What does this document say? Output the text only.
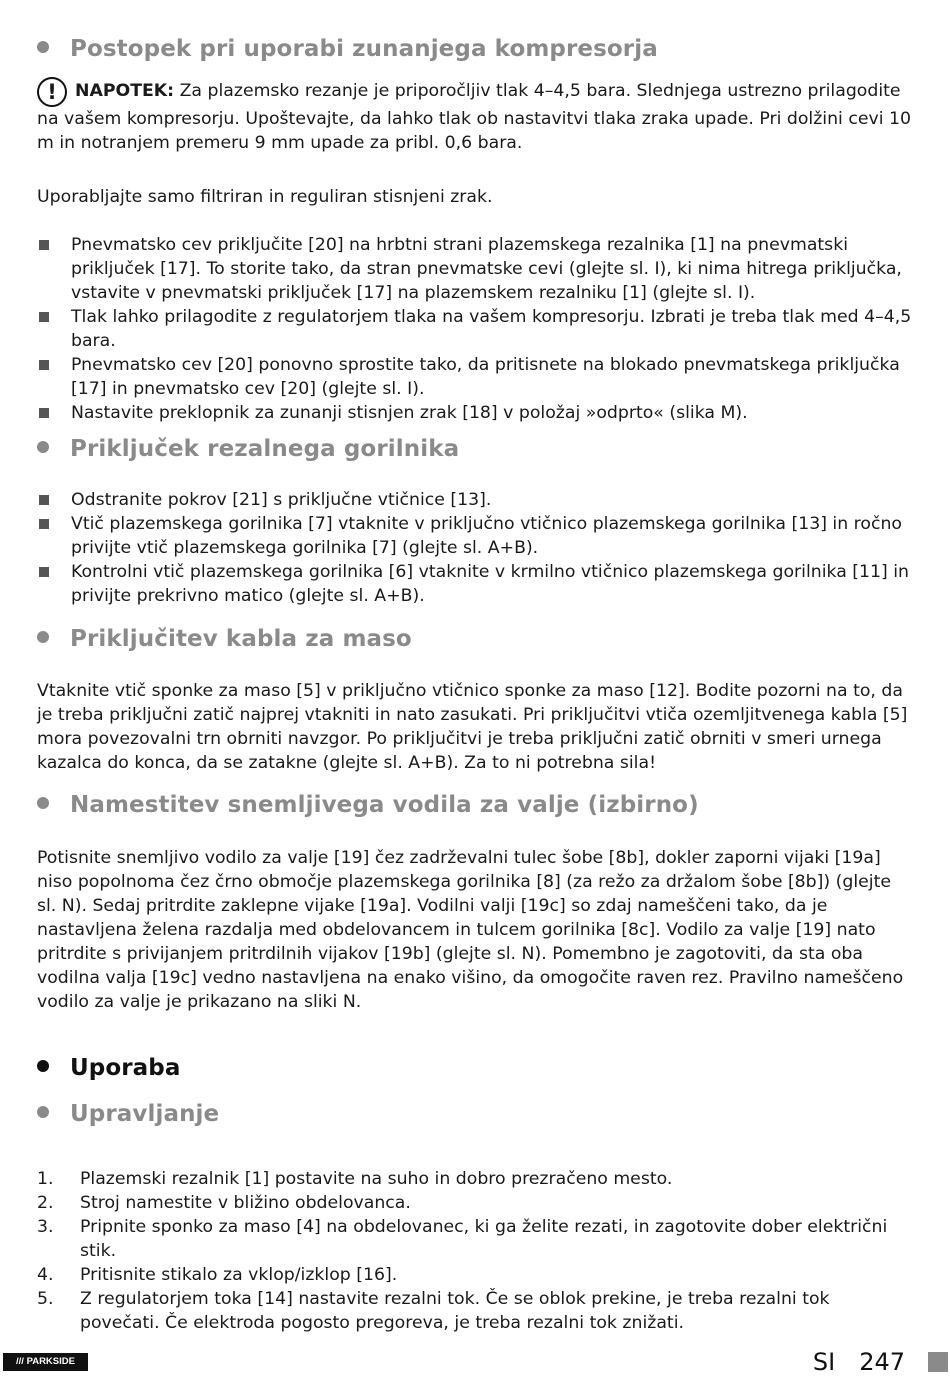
Postopek pri uporabi zunanjega kompresorja
! NAPOTEK: Za plazemsko rezanje je priporočljiv tlak 4–4,5 bara. Slednjega ustrezno prilagodite na vašem kompresorju. Upoštevajte, da lahko tlak ob nastavitvi tlaka zraka upade. Pri dolžini cevi 10 m in notranjem premeru 9 mm upade za pribl. 0,6 bara.
Uporabljajte samo filtriran in reguliran stisnjeni zrak.
Pnevmatsko cev priključite [20] na hrbtni strani plazemskega rezalnika [1] na pnevmatski priključek [17]. To storite tako, da stran pnevmatske cevi (glejte sl. I), ki nima hitrega priključka, vstavite v pnevmatski priključek [17] na plazemskem rezalniku [1] (glejte sl. I).
Tlak lahko prilagodite z regulatorjem tlaka na vašem kompresorju. Izbrati je treba tlak med 4–4,5 bara.
Pnevmatsko cev [20] ponovno sprostite tako, da pritisnete na blokado pnevmatskega priključka [17] in pnevmatsko cev [20] (glejte sl. I).
Nastavite preklopnik za zunanji stisnjen zrak [18] v položaj »odprto« (slika M).
Priključek rezalnega gorilnika
Odstranite pokrov [21] s priključne vtičnice [13].
Vtič plazemskega gorilnika [7] vtaknite v priključno vtičnico plazemskega gorilnika [13] in ročno privijte vtič plazemskega gorilnika [7] (glejte sl. A+B).
Kontrolni vtič plazemskega gorilnika [6] vtaknite v krmilno vtičnico plazemskega gorilnika [11] in privijte prekrivno matico (glejte sl. A+B).
Priključitev kabla za maso
Vtaknite vtič sponke za maso [5] v priključno vtičnico sponke za maso [12]. Bodite pozorni na to, da je treba priključni zatič najprej vtakniti in nato zasukati. Pri priključitvi vtiča ozemljitvenega kabla [5] mora povezovalni trn obrniti navzgor. Po priključitvi je treba priključni zatič obrniti v smeri urnega kazalca do konca, da se zatakne (glejte sl. A+B). Za to ni potrebna sila!
Namestitev snemljivega vodila za valje (izbirno)
Potisnite snemljivo vodilo za valje [19] čez zadrževalni tulec šobe [8b], dokler zaporni vijaki [19a] niso popolnoma čez črno območje plazemskega gorilnika [8] (za režo za držalom šobe [8b]) (glejte sl. N). Sedaj pritrdite zaklepne vijake [19a]. Vodilni valji [19c] so zdaj nameščeni tako, da je nastavljena želena razdalja med obdelovancem in tulcem gorilnika [8c]. Vodilo za valje [19] nato pritrdite s privijanjem pritrdilnih vijakov [19b] (glejte sl. N). Pomembno je zagotoviti, da sta oba vodilna valja [19c] vedno nastavljena na enako višino, da omogočite raven rez. Pravilno nameščeno vodilo za valje je prikazano na sliki N.
Uporaba
Upravljanje
1. Plazemski rezalnik [1] postavite na suho in dobro prezračeno mesto.
2. Stroj namestite v bližino obdelovanca.
3. Pripnite sponko za maso [4] na obdelovanec, ki ga želite rezati, in zagotovite dober električni stik.
4. Pritisnite stikalo za vklop/izklop [16].
5. Z regulatorjem toka [14] nastavite rezalni tok. Če se oblok prekine, je treba rezalni tok povečati. Če elektroda pogosto pregoreva, je treba rezalni tok znižati.
/// PARKSIDE	SI 247
